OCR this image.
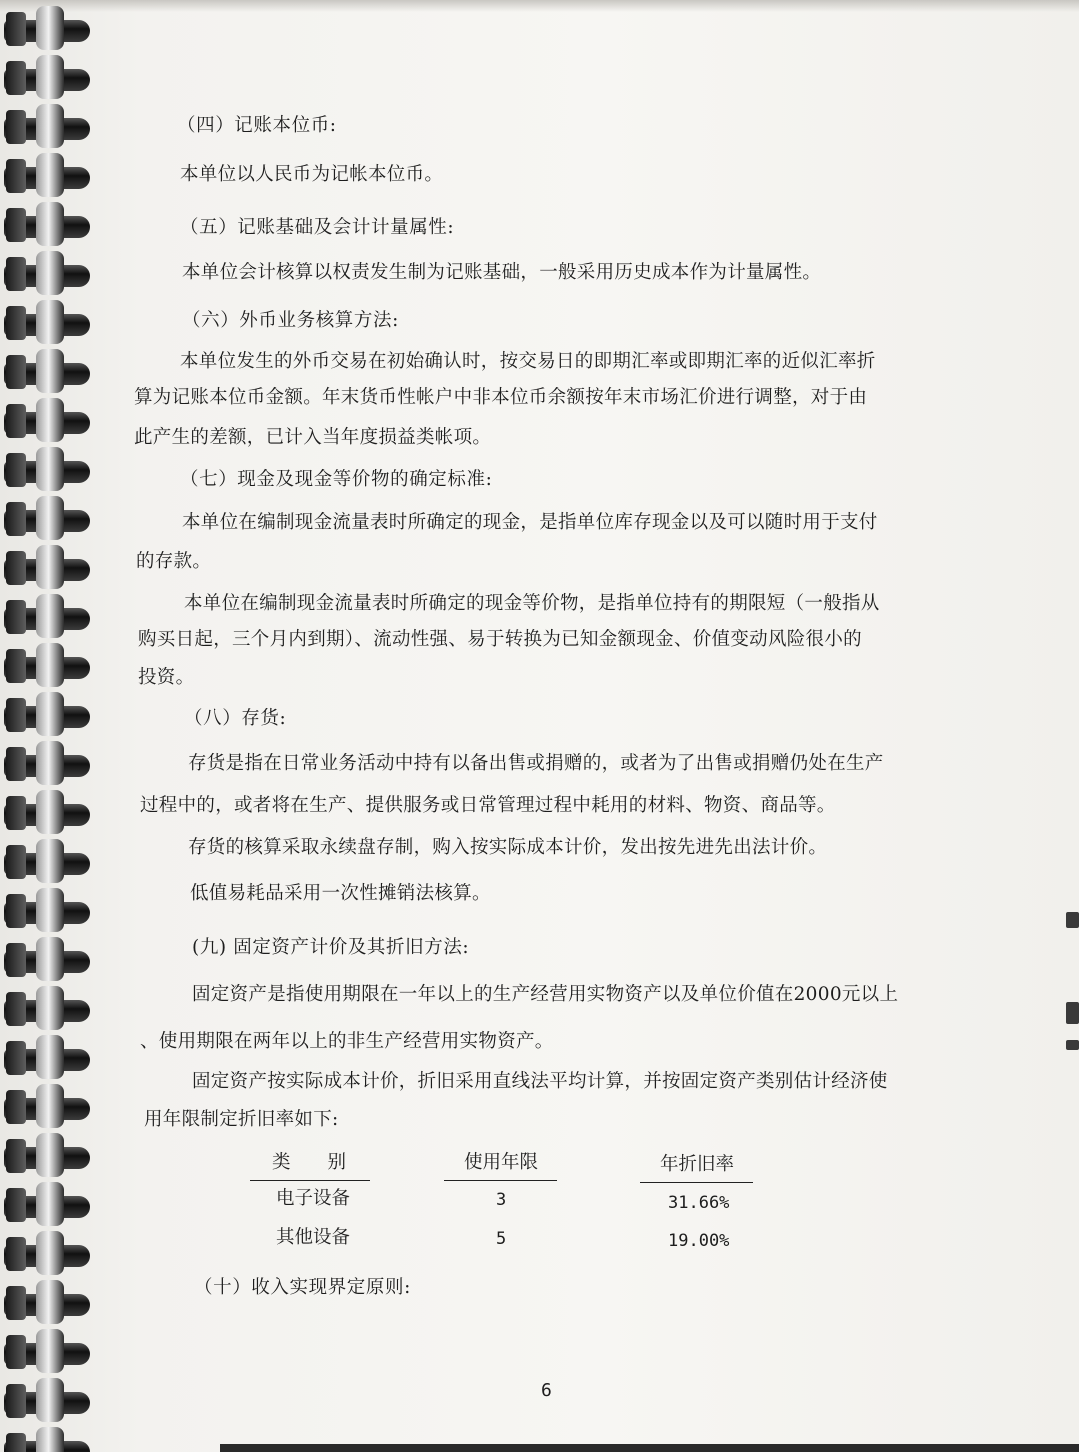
（四）记账本位币:
本单位以人民币为记帐本位币。
（五）记账基础及会计计量属性:
本单位会计核算以权责发生制为记账基础，一般采用历史成本作为计量属性。
（六）外币业务核算方法:
本单位发生的外币交易在初始确认时，按交易日的即期汇率或即期汇率的近似汇率折
算为记账本位币金额。年末货币性帐户中非本位币余额按年末市场汇价进行调整，对于由
此产生的差额，已计入当年度损益类帐项。
（七）现金及现金等价物的确定标准:
本单位在编制现金流量表时所确定的现金，是指单位库存现金以及可以随时用于支付
的存款。
本单位在编制现金流量表时所确定的现金等价物，是指单位持有的期限短（一般指从
购买日起，三个月内到期）、流动性强、易于转换为已知金额现金、价值变动风险很小的
投资。
（八）存货:
存货是指在日常业务活动中持有以备出售或捐赠的，或者为了出售或捐赠仍处在生产
过程中的，或者将在生产、提供服务或日常管理过程中耗用的材料、物资、商品等。
存货的核算采取永续盘存制，购入按实际成本计价，发出按先进先出法计价。
低值易耗品采用一次性摊销法核算。
(九) 固定资产计价及其折旧方法:
固定资产是指使用期限在一年以上的生产经营用实物资产以及单位价值在2000元以上
、使用期限在两年以上的非生产经营用实物资产。
固定资产按实际成本计价，折旧采用直线法平均计算，并按固定资产类别估计经济使
用年限制定折旧率如下:
类　　别	使用年限	年折旧率
电子设备	3	31.66%
其他设备	5	19.00%
（十）收入实现界定原则:
6
